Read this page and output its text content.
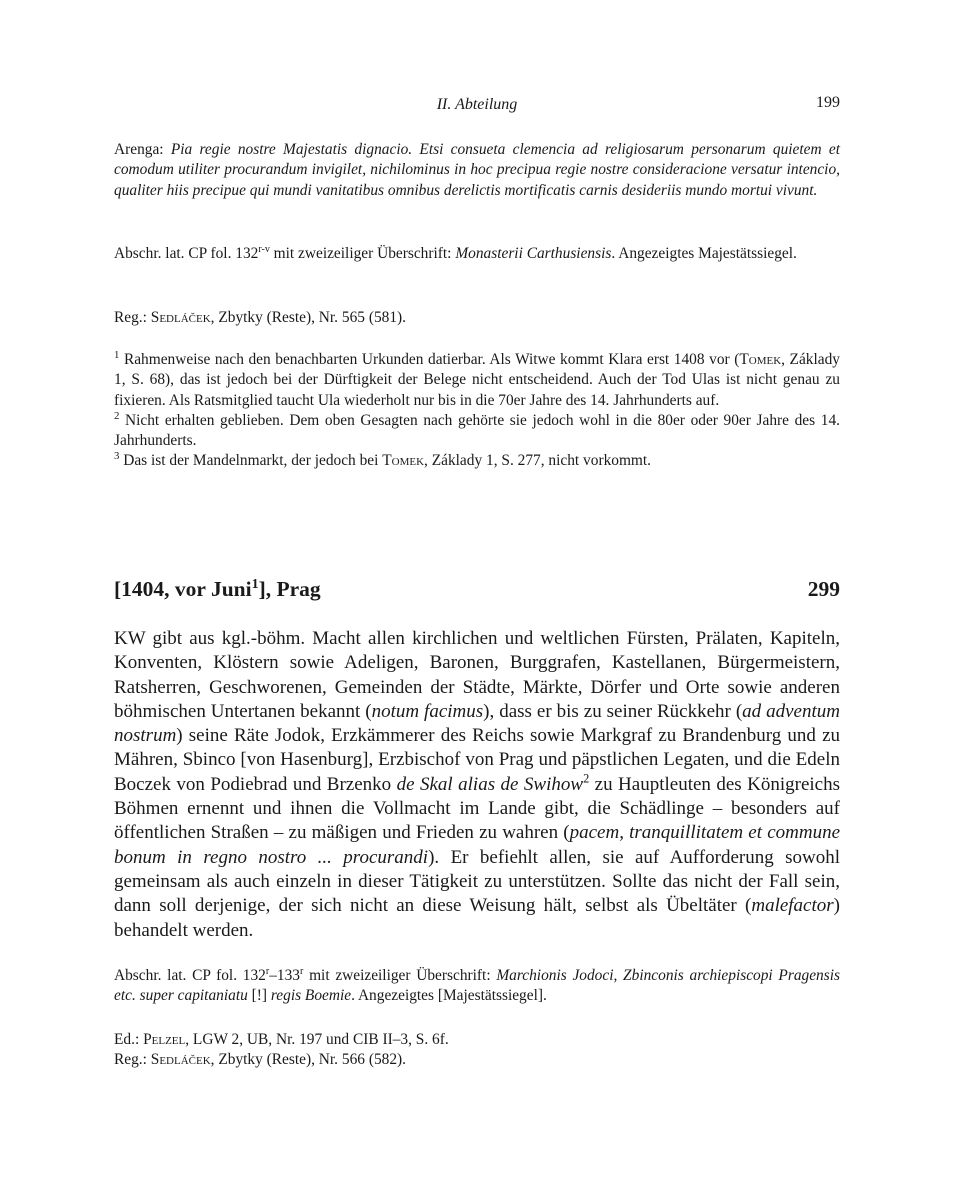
II. Abteilung	199

Arenga: Pia regie nostre Majestatis dignacio. Etsi consueta clemencia ad religiosarum personarum quietem et comodum utiliter procurandum invigilet, nichilominus in hoc precipua regie nostre consideracione versatur intencio, qualiter hiis precipue qui mundi vanitatibus omnibus derelictis mortificatis carnis desideriis mundo mortui vivunt.

Abschr. lat. CP fol. 132$^{r-v}$ mit zweizeiliger Überschrift: Monasterii Carthusiensis. Angezeigtes Majestätssiegel.

Reg.: Sedláček, Zbytky (Reste), Nr. 565 (581).

$^1$ Rahmenweise nach den benachbarten Urkunden datierbar. Als Witwe kommt Klara erst 1408 vor (Tomek, Základy 1, S. 68), das ist jedoch bei der Dürftigkeit der Belege nicht entscheidend. Auch der Tod Ulas ist nicht genau zu fixieren. Als Ratsmitglied taucht Ula wiederholt nur bis in die 70er Jahre des 14. Jahrhunderts auf.

$^2$ Nicht erhalten geblieben. Dem oben Gesagten nach gehörte sie jedoch wohl in die 80er oder 90er Jahre des 14. Jahrhunderts.

$^3$ Das ist der Mandelnmarkt, der jedoch bei Tomek, Základy 1, S. 277, nicht vorkommt.

[1404, vor Juni$^1$], Prag	299

KW gibt aus kgl.-böhm. Macht allen kirchlichen und weltlichen Fürsten, Prälaten, Kapiteln, Konventen, Klöstern sowie Adeligen, Baronen, Burggrafen, Kastellanen, Bürgermeistern, Ratsherren, Geschworenen, Gemeinden der Städte, Märkte, Dörfer und Orte sowie anderen böhmischen Untertanen bekannt (notum facimus), dass er bis zu seiner Rückkehr (ad adventum nostrum) seine Räte Jodok, Erzkämmerer des Reichs sowie Markgraf zu Brandenburg und zu Mähren, Sbinco [von Hasenburg], Erzbischof von Prag und päpstlichen Legaten, und die Edeln Boczek von Podiebrad und Brzenko de Skal alias de Swihow$^2$ zu Hauptleuten des Königreichs Böhmen ernennt und ihnen die Vollmacht im Lande gibt, die Schädlinge – besonders auf öffentlichen Straßen – zu mäßigen und Frieden zu wahren (pacem, tranquillitatem et commune bonum in regno nostro ... procurandi). Er befiehlt allen, sie auf Aufforderung sowohl gemeinsam als auch einzeln in dieser Tätigkeit zu unterstützen. Sollte das nicht der Fall sein, dann soll derjenige, der sich nicht an diese Weisung hält, selbst als Übeltäter (malefactor) behandelt werden.

Abschr. lat. CP fol. 132$^r$–133$^r$ mit zweizeiliger Überschrift: Marchionis Jodoci, Zbinconis archiepiscopi Pragensis etc. super capitaniatu [!] regis Boemie. Angezeigtes [Majestätssiegel].

Ed.: Pelzel, LGW 2, UB, Nr. 197 und CIB II–3, S. 6f.

Reg.: Sedláček, Zbytky (Reste), Nr. 566 (582).
